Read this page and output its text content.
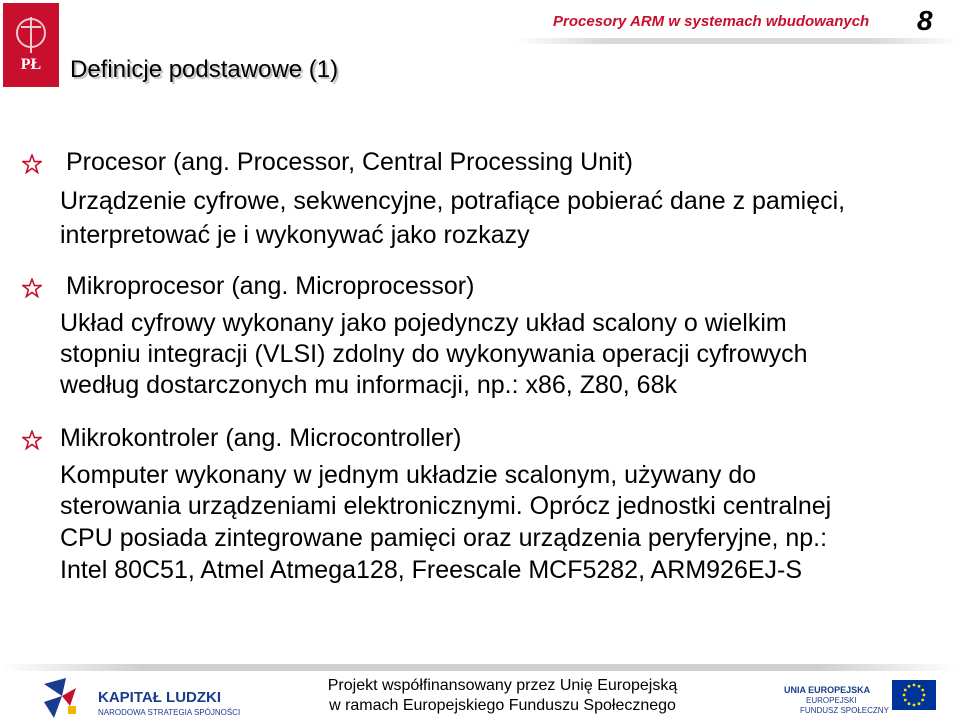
PŁ Definicje podstawowe (1)
Procesory ARM w systemach wbudowanych 8
Procesor (ang. Processor, Central Processing Unit)
Urządzenie cyfrowe, sekwencyjne, potrafiące pobierać dane z pamięci,
interpretować je i wykonywać jako rozkazy
Mikroprocesor (ang. Microprocessor)
Układ cyfrowy wykonany jako pojedynczy układ scalony o wielkim
stopniu integracji (VLSI) zdolny do wykonywania operacji cyfrowych
według dostarczonych mu informacji, np.: x86, Z80, 68k
Mikrokontroler (ang. Microcontroller)
Komputer wykonany w jednym układzie scalonym, używany do
sterowania urządzeniami elektronicznymi. Oprócz jednostki centralnej
CPU posiada zintegrowane pamięci oraz urządzenia peryferyjne, np.:
Intel 80C51, Atmel Atmega128, Freescale MCF5282, ARM926EJ-S
KAPITAŁ LUDZKI
NARODOWA STRATEGIA SPÓJNOŚCI
Projekt współfinansowany przez Unię Europejską
w ramach Europejskiego Funduszu Społecznego
UNIA EUROPEJSKA
EUROPEJSKI
FUNDUSZ SPOŁECZNY
